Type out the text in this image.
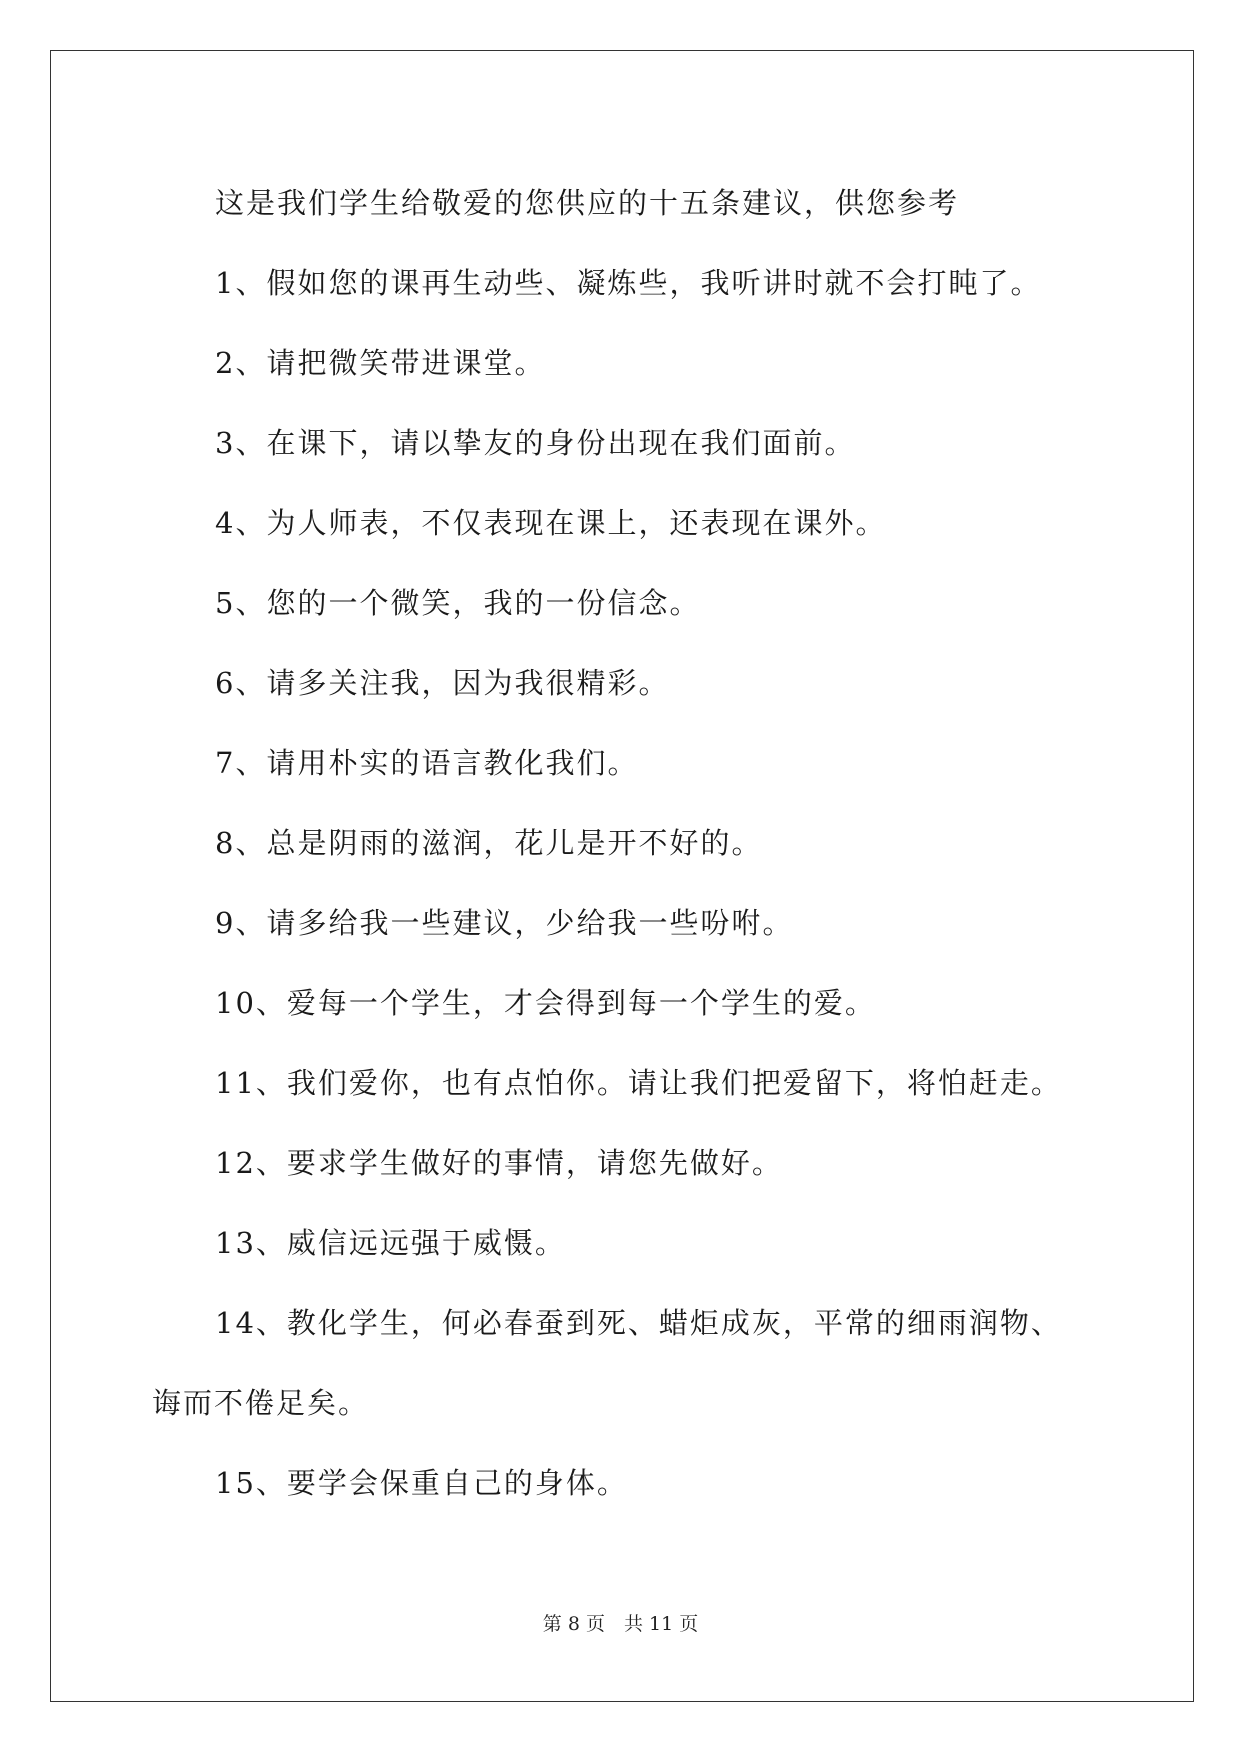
这是我们学生给敬爱的您供应的十五条建议，供您参考

1、假如您的课再生动些、凝炼些，我听讲时就不会打盹了。

2、请把微笑带进课堂。

3、在课下，请以挚友的身份出现在我们面前。

4、为人师表，不仅表现在课上，还表现在课外。

5、您的一个微笑，我的一份信念。

6、请多关注我，因为我很精彩。

7、请用朴实的语言教化我们。

8、总是阴雨的滋润，花儿是开不好的。

9、请多给我一些建议，少给我一些吩咐。

10、爱每一个学生，才会得到每一个学生的爱。

11、我们爱你，也有点怕你。请让我们把爱留下，将怕赶走。

12、要求学生做好的事情，请您先做好。

13、威信远远强于威慑。

14、教化学生，何必春蚕到死、蜡炬成灰，平常的细雨润物、诲而不倦足矣。

15、要学会保重自己的身体。

第 8 页　共 11 页
